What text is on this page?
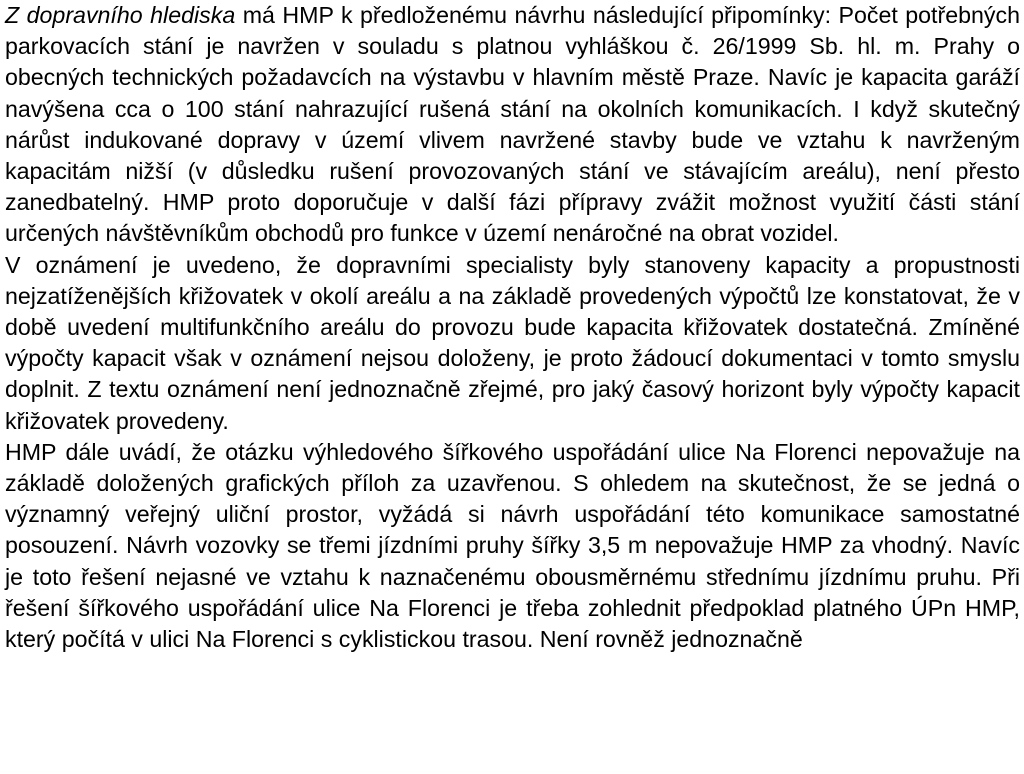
Z dopravního hlediska má HMP k předloženému návrhu následující připomínky: Počet potřebných parkovacích stání je navržen v souladu s platnou vyhláškou č. 26/1999 Sb. hl. m. Prahy o obecných technických požadavcích na výstavbu v hlavním městě Praze. Navíc je kapacita garáží navýšena cca o 100 stání nahrazující rušená stání na okolních komunikacích. I když skutečný nárůst indukované dopravy v území vlivem navržené stavby bude ve vztahu k navrženým kapacitám nižší (v důsledku rušení provozovaných stání ve stávajícím areálu), není přesto zanedbatelný. HMP proto doporučuje v další fázi přípravy zvážit možnost využití části stání určených návštěvníkům obchodů pro funkce v území nenáročné na obrat vozidel.

V oznámení je uvedeno, že dopravními specialisty byly stanoveny kapacity a propustnosti nejzatíženějších křižovatek v okolí areálu a na základě provedených výpočtů lze konstatovat, že v době uvedení multifunkčního areálu do provozu bude kapacita křižovatek dostatečná. Zmíněné výpočty kapacit však v oznámení nejsou doloženy, je proto žádoucí dokumentaci v tomto smyslu doplnit. Z textu oznámení není jednoznačně zřejmé, pro jaký časový horizont byly výpočty kapacit křižovatek provedeny.

HMP dále uvádí, že otázku výhledového šířkového uspořádání ulice Na Florenci nepovažuje na základě doložených grafických příloh za uzavřenou. S ohledem na skutečnost, že se jedná o významný veřejný uliční prostor, vyžádá si návrh uspořádání této komunikace samostatné posouzení. Návrh vozovky se třemi jízdními pruhy šířky 3,5 m nepovažuje HMP za vhodný. Navíc je toto řešení nejasné ve vztahu k naznačenému obousměrnému střednímu jízdnímu pruhu. Při řešení šířkového uspořádání ulice Na Florenci je třeba zohlednit předpoklad platného ÚPn HMP, který počítá v ulici Na Florenci s cyklistickou trasou. Není rovněž jednoznačně
